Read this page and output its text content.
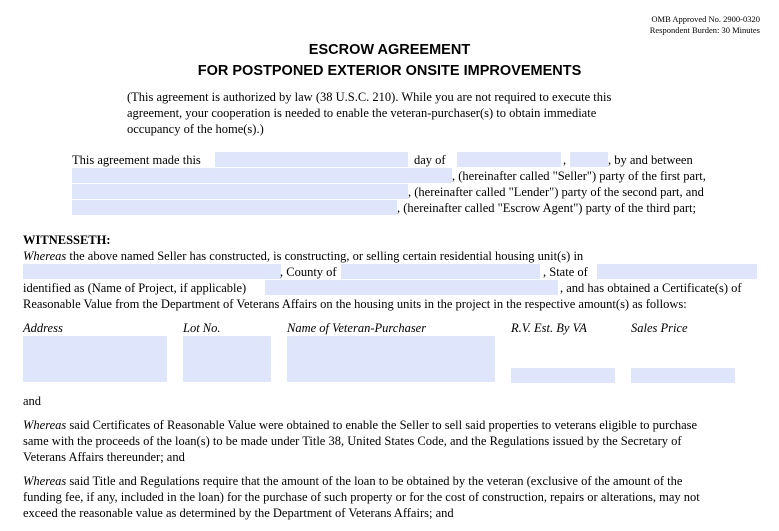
OMB Approved No. 2900-0320
Respondent Burden: 30 Minutes
ESCROW AGREEMENT
FOR POSTPONED EXTERIOR ONSITE IMPROVEMENTS
(This agreement is authorized by law (38 U.S.C. 210). While you are not required to execute this
agreement, your cooperation is needed to enable the veteran-purchaser(s) to obtain immediate
occupancy of the home(s).)
This agreement made this	day of	,	, by and between
, (hereinafter called "Seller") party of the first part,
, (hereinafter called "Lender") party of the second part, and
, (hereinafter called "Escrow Agent") party of the third part;
WITNESSETH:
Whereas the above named Seller has constructed, is constructing, or selling certain residential housing unit(s) in
, County of	, State of
identified as (Name of Project, if applicable)	, and has obtained a Certificate(s) of
Reasonable Value from the Department of Veterans Affairs on the housing units in the project in the respective amount(s) as follows:
Address	Lot No.	Name of Veteran-Purchaser	R.V. Est. By VA	Sales Price
and
Whereas said Certificates of Reasonable Value were obtained to enable the Seller to sell said properties to veterans eligible to purchase
same with the proceeds of the loan(s) to be made under Title 38, United States Code, and the Regulations issued by the Secretary of
Veterans Affairs thereunder; and
Whereas said Title and Regulations require that the amount of the loan to be obtained by the veteran (exclusive of the amount of the
funding fee, if any, included in the loan) for the purchase of such property or for the cost of construction, repairs or alterations, may not
exceed the reasonable value as determined by the Department of Veterans Affairs; and
